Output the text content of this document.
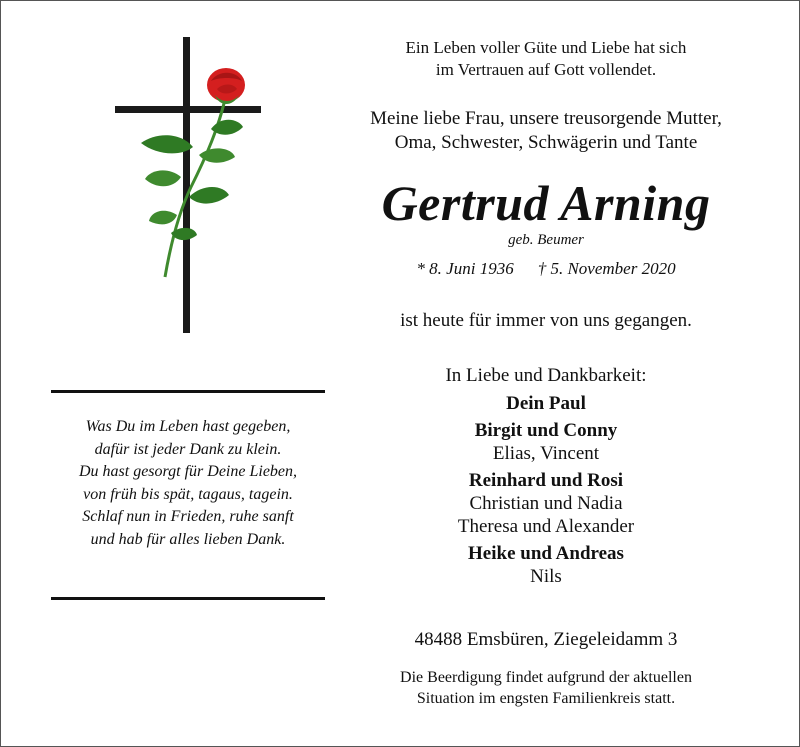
Was Du im Leben hast gegeben,
dafür ist jeder Dank zu klein.
Du hast gesorgt für Deine Lieben,
von früh bis spät, tagaus, tagein.
Schlaf nun in Frieden, ruhe sanft
und hab für alles lieben Dank.
Ein Leben voller Güte und Liebe hat sich
im Vertrauen auf Gott vollendet.
Meine liebe Frau, unsere treusorgende Mutter,
Oma, Schwester, Schwägerin und Tante
Gertrud Arning
geb. Beumer
* 8. Juni 1936 † 5. November 2020
ist heute für immer von uns gegangen.
In Liebe und Dankbarkeit:
Dein Paul
Birgit und Conny
Elias, Vincent
Reinhard und Rosi
Christian und Nadia
Theresa und Alexander
Heike und Andreas
Nils
48488 Emsbüren, Ziegeleidamm 3
Die Beerdigung findet aufgrund der aktuellen
Situation im engsten Familienkreis statt.
